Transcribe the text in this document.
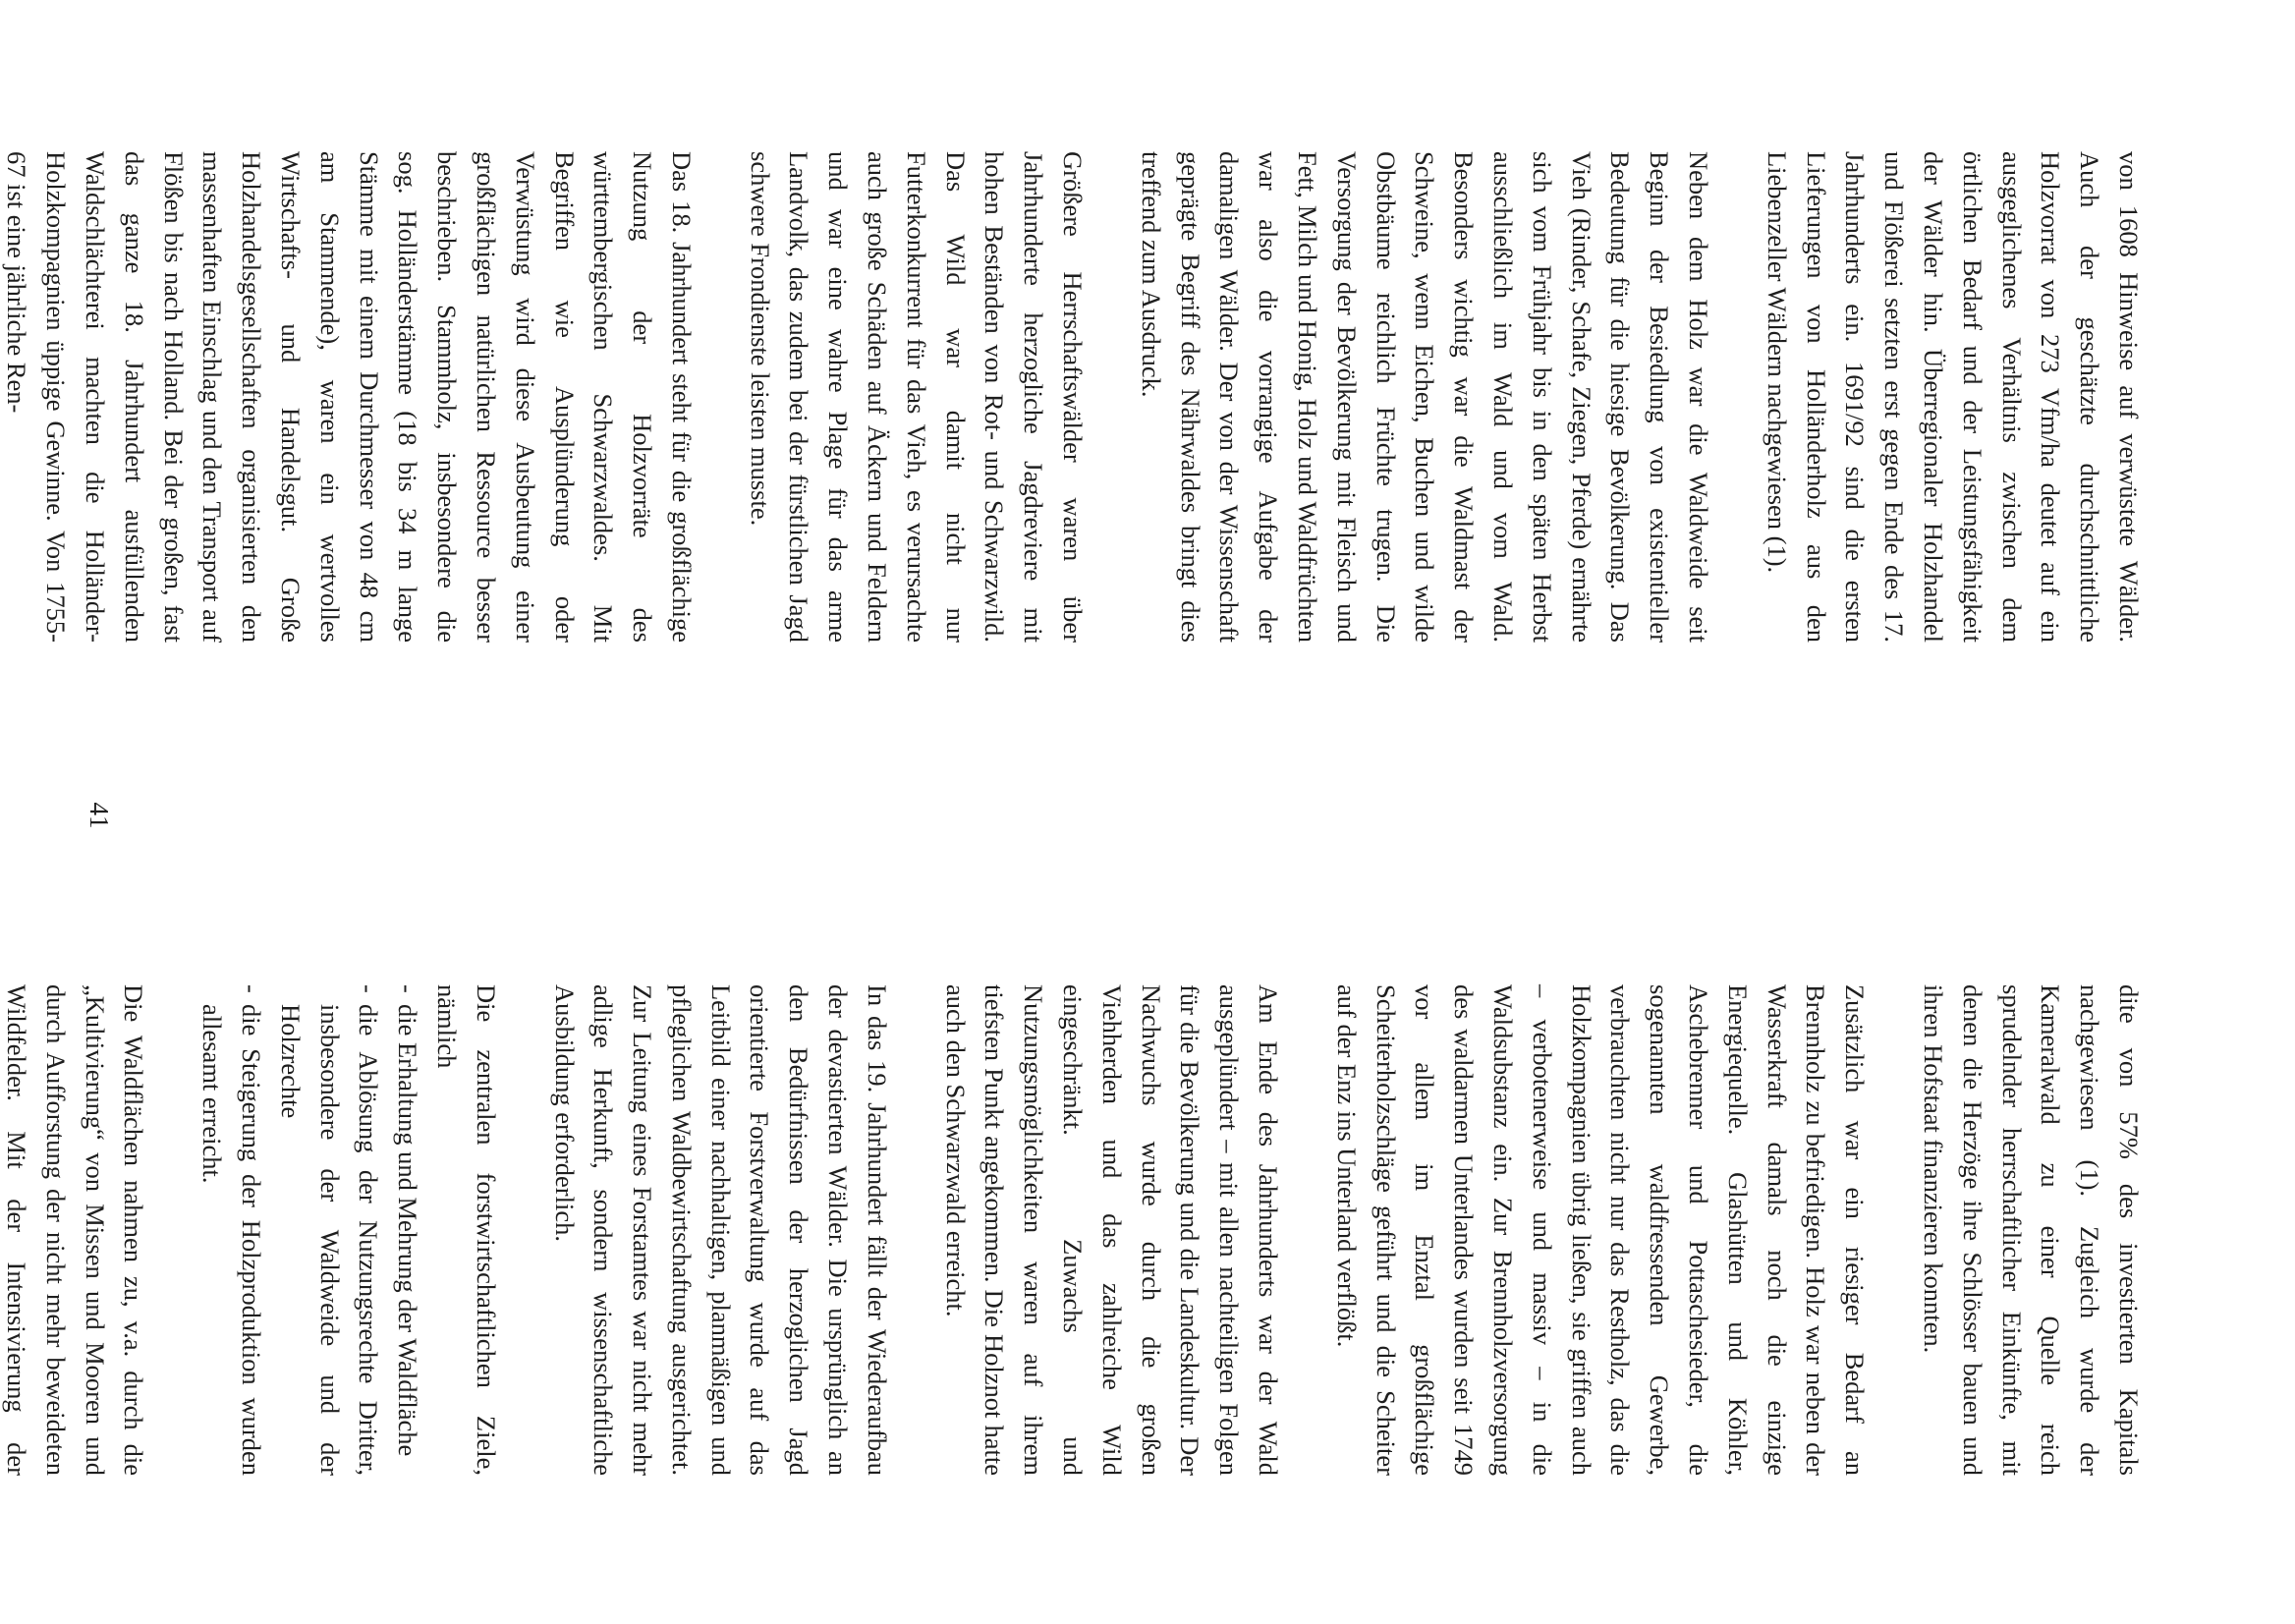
von 1608 Hinweise auf verwüstete Wälder. Auch der geschätzte durchschnittliche Holzvorrat von 273 Vfm/ha deutet auf ein ausgeglichenes Verhältnis zwischen dem örtlichen Bedarf und der Leistungsfähigkeit der Wälder hin. Überregionaler Holzhandel und Flößerei setzten erst gegen Ende des 17. Jahrhunderts ein. 1691/92 sind die ersten Lieferungen von Holländerholz aus den Liebenzeller Wäldern nachgewiesen (1).

Neben dem Holz war die Waldweide seit Beginn der Besiedlung von existentieller Bedeutung für die hiesige Bevölkerung. Das Vieh (Rinder, Schafe, Ziegen, Pferde) ernährte sich vom Frühjahr bis in den späten Herbst ausschließlich im Wald und vom Wald. Besonders wichtig war die Waldmast der Schweine, wenn Eichen, Buchen und wilde Obstbäume reichlich Früchte trugen. Die Versorgung der Bevölkerung mit Fleisch und Fett, Milch und Honig, Holz und Waldfrüchten war also die vorrangige Aufgabe der damaligen Wälder. Der von der Wissenschaft geprägte Begriff des Nährwaldes bringt dies treffend zum Ausdruck.

Größere Herrschaftswälder waren über Jahrhunderte herzogliche Jagdreviere mit hohen Beständen von Rot- und Schwarzwild. Das Wild war damit nicht nur Futterkonkurrent für das Vieh, es verursachte auch große Schäden auf Äckern und Feldern und war eine wahre Plage für das arme Landvolk, das zudem bei der fürstlichen Jagd schwere Frondienste leisten musste.

Das 18. Jahrhundert steht für die großflächige Nutzung der Holzvorräte des württembergischen Schwarzwaldes. Mit Begriffen wie Ausplünderung oder Verwüstung wird diese Ausbeutung einer großflächigen natürlichen Ressource besser beschrieben. Stammholz, insbesondere die sog. Holländerstämme (18 bis 34 m lange Stämme mit einem Durchmesser von 48 cm am Stammende), waren ein wertvolles Wirtschafts- und Handelsgut. Große Holzhandelsgesellschaften organisierten den massenhaften Einschlag und den Transport auf Flößen bis nach Holland. Bei der großen, fast das ganze 18. Jahrhundert ausfüllenden Waldschlächterei machten die Holländer-Holzkompagnien üppige Gewinne. Von 1755-67 ist eine jährliche Ren-

dite von 57% des investierten Kapitals nachgewiesen (1). Zugleich wurde der Kameralwald zu einer Quelle reich sprudelnder herrschaftlicher Einkünfte, mit denen die Herzöge ihre Schlösser bauen und ihren Hofstaat finanzieren konnten.

Zusätzlich war ein riesiger Bedarf an Brennholz zu befriedigen. Holz war neben der Wasserkraft damals noch die einzige Energiequelle. Glashütten und Köhler, Aschebrenner und Pottaschesieder, die sogenannten waldfressenden Gewerbe, verbrauchten nicht nur das Restholz, das die Holzkompagnien übrig ließen, sie griffen auch – verbotenerweise und massiv – in die Waldsubstanz ein. Zur Brennholzversorgung des waldarmen Unterlandes wurden seit 1749 vor allem im Enztal großflächige Scheiterholzschläge geführt und die Scheiter auf der Enz ins Unterland verflößt.

Am Ende des Jahrhunderts war der Wald ausgeplündert – mit allen nachteiligen Folgen für die Bevölkerung und die Landeskultur. Der Nachwuchs wurde durch die großen Viehherden und das zahlreiche Wild eingeschränkt. Zuwachs und Nutzungsmöglichkeiten waren auf ihrem tiefsten Punkt angekommen. Die Holznot hatte auch den Schwarzwald erreicht.

In das 19. Jahrhundert fällt der Wiederaufbau der devastierten Wälder. Die ursprünglich an den Bedürfnissen der herzoglichen Jagd orientierte Forstverwaltung wurde auf das Leitbild einer nachhaltigen, planmäßigen und pfleglichen Waldbewirtschaftung ausgerichtet. Zur Leitung eines Forstamtes war nicht mehr adlige Herkunft, sondern wissenschaftliche Ausbildung erforderlich.

Die zentralen forstwirtschaftlichen Ziele, nämlich

- die Erhaltung und Mehrung der Waldfläche
- die Ablösung der Nutzungsrechte Dritter, insbesondere der Waldweide und der Holzrechte
- die Steigerung der Holzproduktion wurden allesamt erreicht.

Die Waldflächen nahmen zu, v.a. durch die „Kultivierung“ von Missen und Mooren und durch Aufforstung der nicht mehr beweideten Wildfelder. Mit der Intensivierung der

41
